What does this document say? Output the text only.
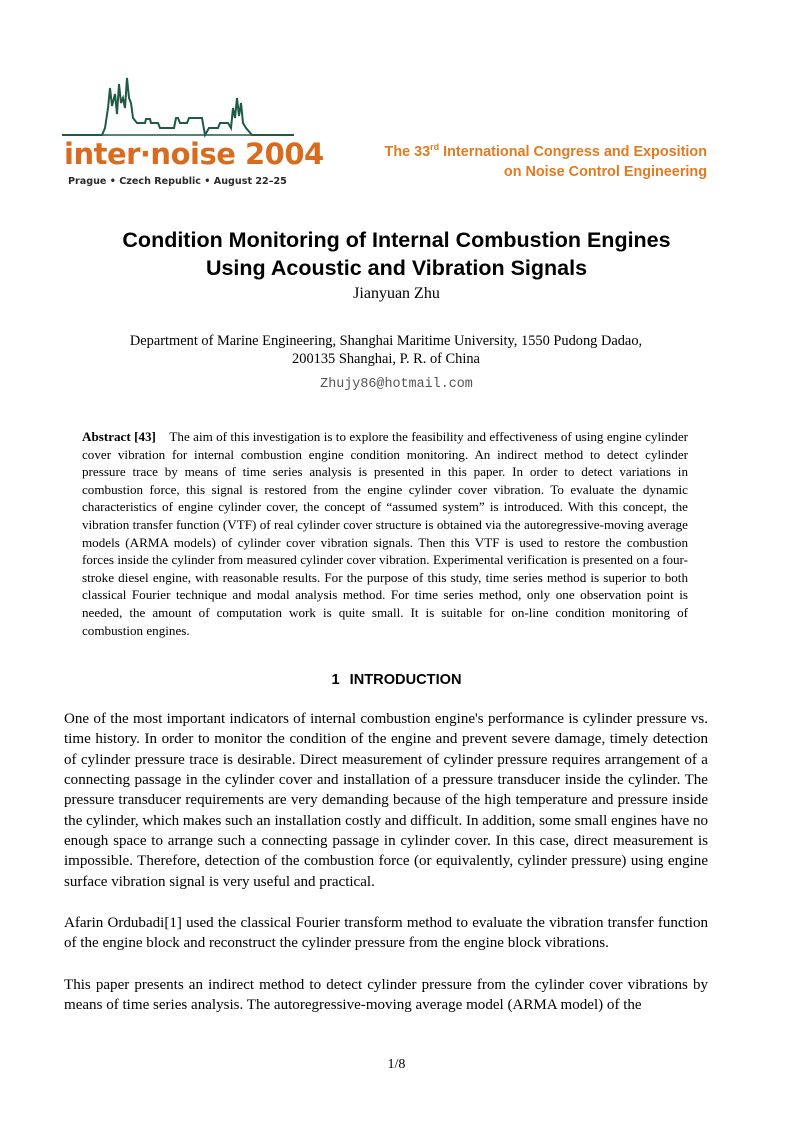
inter·noise 2004
Prague • Czech Republic • August 22–25
The 33rd International Congress and Exposition
on Noise Control Engineering
Condition Monitoring of Internal Combustion Engines
Using Acoustic and Vibration Signals
Jianyuan Zhu
Department of Marine Engineering, Shanghai Maritime University, 1550 Pudong Dadao,
200135 Shanghai, P. R. of China
Zhujy86@hotmail.com
Abstract [43] The aim of this investigation is to explore the feasibility and effectiveness of using engine cylinder cover vibration for internal combustion engine condition monitoring. An indirect method to detect cylinder pressure trace by means of time series analysis is presented in this paper. In order to detect variations in combustion force, this signal is restored from the engine cylinder cover vibration. To evaluate the dynamic characteristics of engine cylinder cover, the concept of “assumed system” is introduced. With this concept, the vibration transfer function (VTF) of real cylinder cover structure is obtained via the autoregressive-moving average models (ARMA models) of cylinder cover vibration signals. Then this VTF is used to restore the combustion forces inside the cylinder from measured cylinder cover vibration. Experimental verification is presented on a four-stroke diesel engine, with reasonable results. For the purpose of this study, time series method is superior to both classical Fourier technique and modal analysis method. For time series method, only one observation point is needed, the amount of computation work is quite small. It is suitable for on-line condition monitoring of combustion engines.
1 INTRODUCTION

One of the most important indicators of internal combustion engine's performance is cylinder pressure vs. time history. In order to monitor the condition of the engine and prevent severe damage, timely detection of cylinder pressure trace is desirable. Direct measurement of cylinder pressure requires arrangement of a connecting passage in the cylinder cover and installation of a pressure transducer inside the cylinder. The pressure transducer requirements are very demanding because of the high temperature and pressure inside the cylinder, which makes such an installation costly and difficult. In addition, some small engines have no enough space to arrange such a connecting passage in cylinder cover. In this case, direct measurement is impossible. Therefore, detection of the combustion force (or equivalently, cylinder pressure) using engine surface vibration signal is very useful and practical.

Afarin Ordubadi[1] used the classical Fourier transform method to evaluate the vibration transfer function of the engine block and reconstruct the cylinder pressure from the engine block vibrations.

This paper presents an indirect method to detect cylinder pressure from the cylinder cover vibrations by means of time series analysis. The autoregressive-moving average model (ARMA model) of the

1/8
